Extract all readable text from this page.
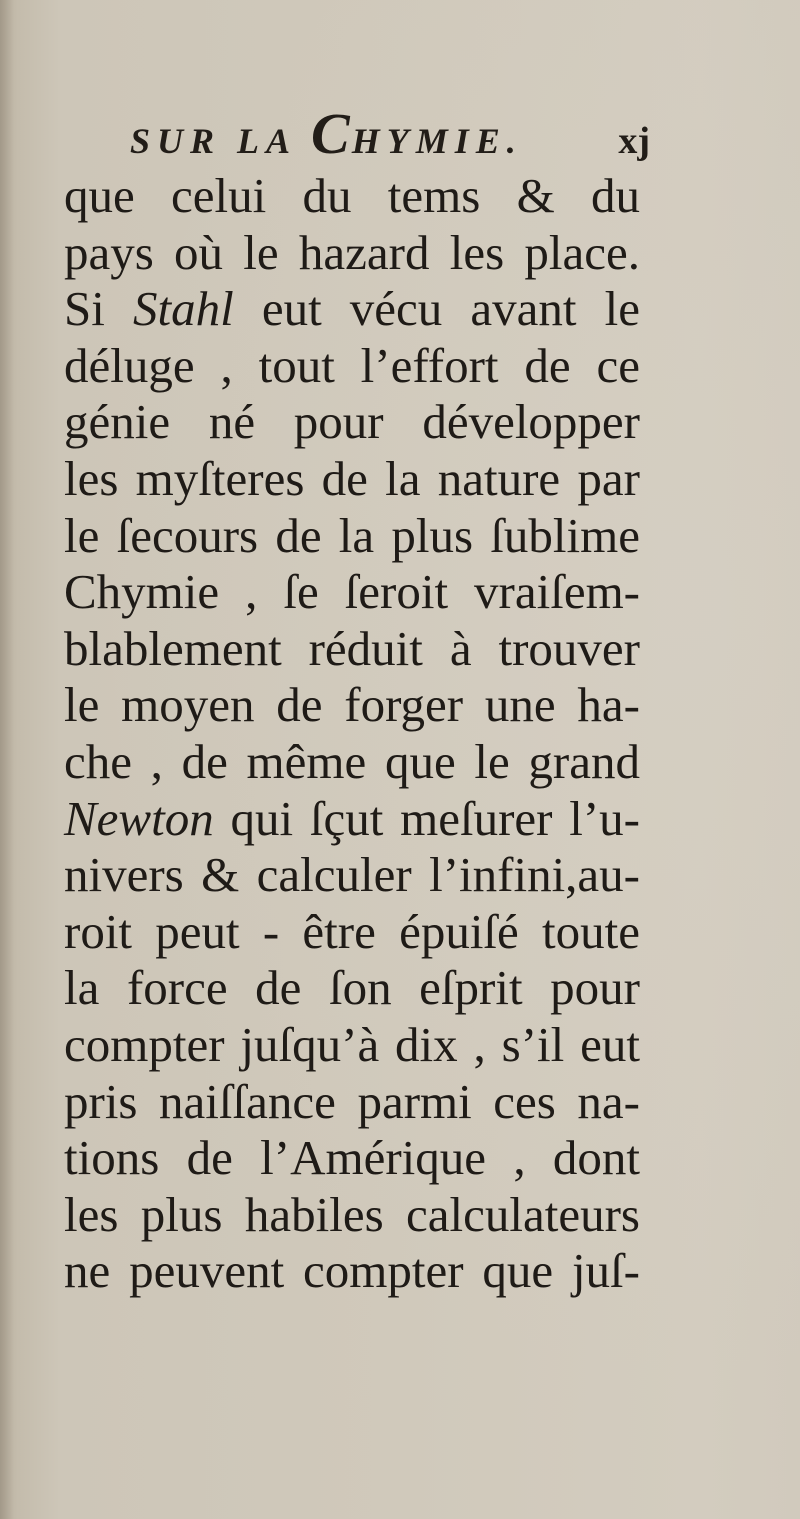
SUR LA CHYMIE.	xj
que celui du tems & du
pays où le hazard les place.
Si Stahl eut vécu avant le
déluge , tout l’effort de ce
génie né pour développer
les myſteres de la nature par
le ſecours de la plus ſublime
Chymie , ſe ſeroit vraiſem-
blablement réduit à trouver
le moyen de forger une ha-
che , de même que le grand
Newton qui ſçut meſurer l’u-
nivers & calculer l’infini,au-
roit peut - être épuiſé toute
la force de ſon eſprit pour
compter juſqu’à dix , s’il eut
pris naiſſance parmi ces na-
tions de l’Amérique , dont
les plus habiles calculateurs
ne peuvent compter que juſ-
